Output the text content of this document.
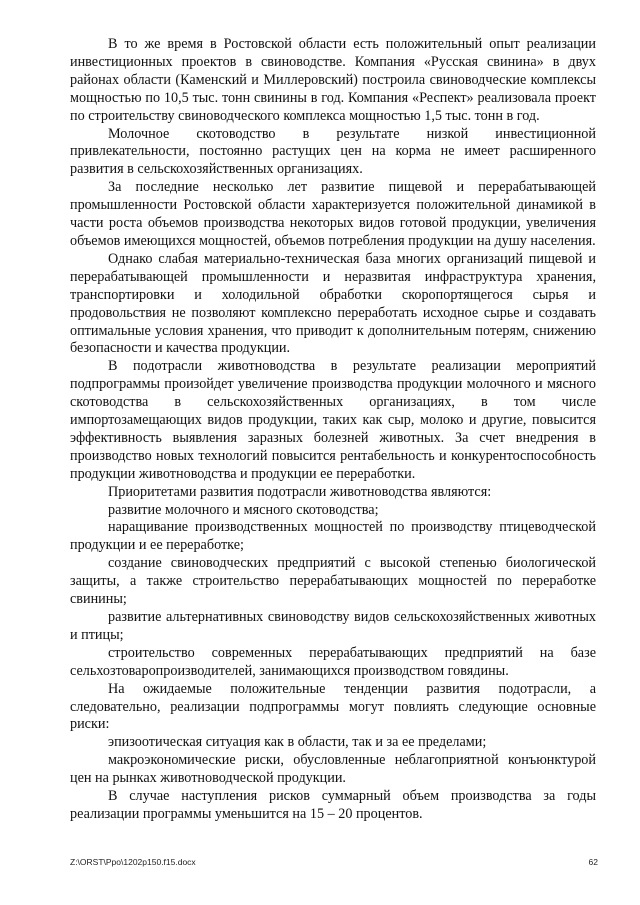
В то же время в Ростовской области есть положительный опыт реализации инвестиционных проектов в свиноводстве. Компания «Русская свинина» в двух районах области (Каменский и Миллеровский) построила свиноводческие комплексы мощностью по 10,5 тыс. тонн свинины в год. Компания «Респект» реализовала проект по строительству свиноводческого комплекса мощностью 1,5 тыс. тонн в год.

Молочное скотоводство в результате низкой инвестиционной привлекательности, постоянно растущих цен на корма не имеет расширенного развития в сельскохозяйственных организациях.

За последние несколько лет развитие пищевой и перерабатывающей промышленности Ростовской области характеризуется положительной динамикой в части роста объемов производства некоторых видов готовой продукции, увеличения объемов имеющихся мощностей, объемов потребления продукции на душу населения.

Однако слабая материально-техническая база многих организаций пищевой и перерабатывающей промышленности и неразвитая инфраструктура хранения, транспортировки и холодильной обработки скоропортящегося сырья и продовольствия не позволяют комплексно переработать исходное сырье и создавать оптимальные условия хранения, что приводит к дополнительным потерям, снижению безопасности и качества продукции.

В подотрасли животноводства в результате реализации мероприятий подпрограммы произойдет увеличение производства продукции молочного и мясного скотоводства в сельскохозяйственных организациях, в том числе импортозамещающих видов продукции, таких как сыр, молоко и другие, повысится эффективность выявления заразных болезней животных. За счет внедрения в производство новых технологий повысится рентабельность и конкурентоспособность продукции животноводства и продукции ее переработки.

Приоритетами развития подотрасли животноводства являются:

развитие молочного и мясного скотоводства;

наращивание производственных мощностей по производству птицеводческой продукции и ее переработке;

создание свиноводческих предприятий с высокой степенью биологической защиты, а также строительство перерабатывающих мощностей по переработке свинины;

развитие альтернативных свиноводству видов сельскохозяйственных животных и птицы;

строительство современных перерабатывающих предприятий на базе сельхозтоваропроизводителей, занимающихся производством говядины.

На ожидаемые положительные тенденции развития подотрасли, а следовательно, реализации подпрограммы могут повлиять следующие основные риски:

эпизоотическая ситуация как в области, так и за ее пределами;

макроэкономические риски, обусловленные неблагоприятной конъюнктурой цен на рынках животноводческой продукции.

В случае наступления рисков суммарный объем производства за годы реализации программы уменьшится на 15 – 20 процентов.

Z:\ORST\Ppo\1202p150.f15.docx	62
